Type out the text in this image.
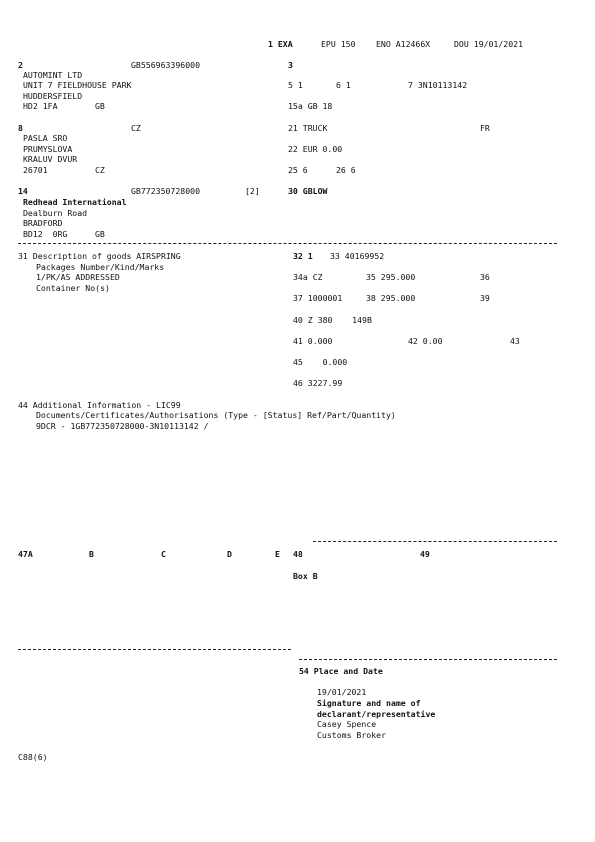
1 EXA	EPU 150 ENO A12466X	DOU 19/01/2021
2	GB556963396000
AUTOMINT LTD
UNIT 7 FIELDHOUSE PARK
HUDDERSFIELD
HD2 1FA	GB
3
5 1	6 1	7 3N10113142
15a GB 18
8	CZ
PASLA SRO
PRUMYSLOVA
KRALUV DVUR
26701	CZ
21 TRUCK	FR
22 EUR 0.00
25 6	26 6
14	GB772350728000	[2]
Redhead International
Dealburn Road
BRADFORD
BD12  0RG	GB
30 GBLOW
31 Description of goods AIRSPRING
Packages Number/Kind/Marks
1/PK/AS ADDRESSED
Container No(s)
32 1 33 40169952
34a CZ	35 295.000	36
37 1000001	38 295.000	39
40 Z 380    149B
41 0.000	42 0.00	43
45    0.000
46 3227.99
44 Additional Information - LIC99
Documents/Certificates/Authorisations (Type - [Status] Ref/Part/Quantity)
9DCR - 1GB772350728000-3N10113142 /
47A	B	C	D	E 48	49
Box B
54 Place and Date
19/01/2021
Signature and name of
declarant/representative
Casey Spence
Customs Broker
C88(6)
